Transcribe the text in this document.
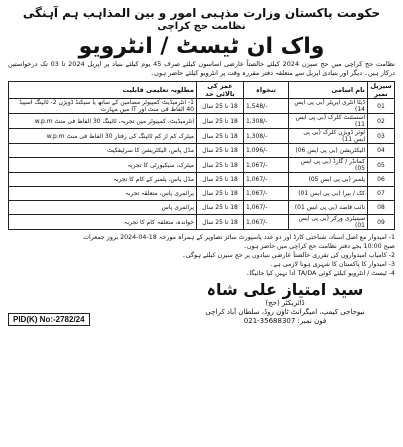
حکومت پاکستان وزارت مذہبی امور و بین المذاہب ہم آہنگی
نظامت حج کراچی
واک ان ٹیسٹ / انٹرویو
نظامت حج کراچی میں حج سیزن 2024 کیلئے خالصتاً عارضی اساسوں کیلئے صرف 45 یوم کیلئے بنیاد پر اپریل 2024 تا 03 تک درخواستیں درکار ہیں۔ دیگر اور بنیادی اپریل سے متعلقہ دفتر مقررہ وقت پر انٹرویو کیلئے حاضر ہوں۔
سیریل نمبر	نام اسامی	تنخواہ	عمر کی بالائی حد	مطلوبہ تعلیمی قابلیت
01	ڈیٹا انٹری آپریٹر (بی پی ایس 14)	1,548/-	18 تا 25 سال	1- انٹرمیڈیٹ کمپیوٹر مضامین کے ساتھ یا سیکنڈ ڈویژن 2- ٹائپنگ اسپیڈ 40 الفاظ فی منٹ اور IT میں مہارت
02	اسسٹنٹ کلرک (بی پی ایس 11)	1,308/-	18 تا 25 سال	انٹرمیڈیٹ، کمپیوٹر میں تجربہ، ٹائپنگ 30 الفاظ فی منٹ w.p.m
03	لوئر ڈویژن کلرک (بی پی ایس 11)	1,308/-	18 تا 25 سال	میٹرک کم از کم ٹائپنگ کی رفتار 30 الفاظ فی منٹ w.p.m
04	الیکٹریشن (بی پی ایس 06)	1,096/-	18 تا 25 سال	مڈل پاس، الیکٹریشن کا سرٹیفکیٹ
05	کمانڈر / گارڈ (بی پی ایس 05)	1,067/-	18 تا 25 سال	میٹرک، سیکیورٹی کا تجربہ
06	پلمبر (بی پی ایس 05)	1,067/-	18 تا 25 سال	مڈل پاس، پلمبر کے کام کا تجربہ
07	کک / بیرا (بی پی ایس 01)	1,067/-	18 تا 25 سال	پرائمری پاس، متعلقہ تجربہ
08	نائب قاصد (بی پی ایس 01)	1,067/-	18 تا 25 سال	پرائمری پاس
09	سینیٹری ورکر (بی پی ایس 01)	1,067/-	18 تا 25 سال	خواندہ، متعلقہ کام کا تجربہ
1- امیدوار مع اصل اسناد، شناختی کارڈ اور دو عدد پاسپورٹ سائز تصاویر کے ہمراہ مورخہ 18-04-2024 بروز جمعرات
صبح 10:00 بجے دفتر نظامت حج کراچی میں حاضر ہوں۔
2- کامیاب امیدواروں کی تقرری خالصتاً عارضی بنیادوں پر حج سیزن کیلئے ہوگی۔
3- امیدوار کا پاکستان کا شہری ہونا لازمی ہے۔
4- ٹیسٹ / انٹرویو کیلئے کوئی TA/DA ادا نہیں کیا جائیگا۔
PID(K) No:-2782/24
سید امتیاز علی شاہ
ڈائریکٹر (حج)
نیوحاجی کیمپ، امیگرانٹ ٹاؤن روڈ، سلطان آباد کراچی
فون نمبر: 021-35688307
